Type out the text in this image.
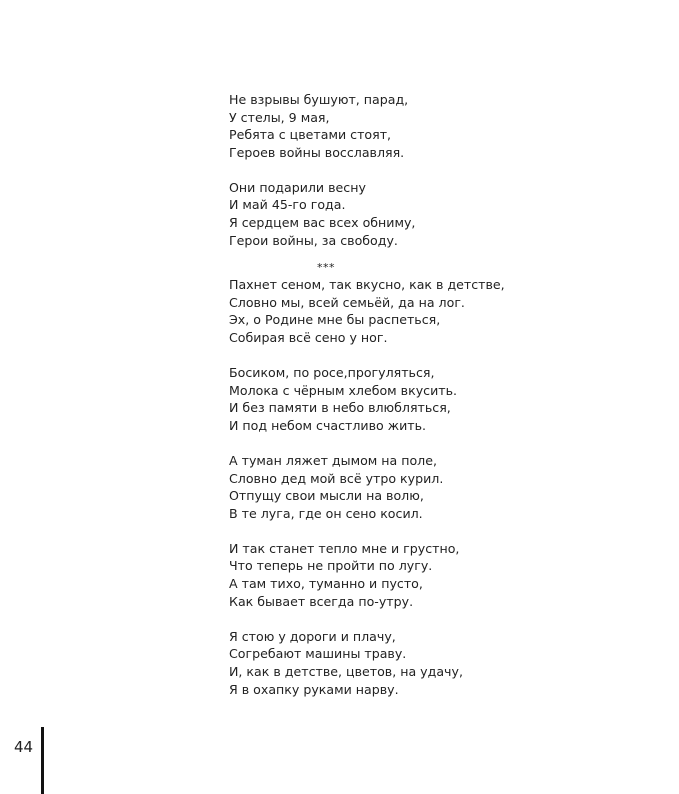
Не взрывы бушуют, парад,
У стелы, 9 мая,
Ребята с цветами стоят,
Героев войны восславляя.
Они подарили весну
И май 45-го года.
Я сердцем вас всех обниму,
Герои войны, за свободу.
***
Пахнет сеном, так вкусно, как в детстве,
Словно мы, всей семьёй, да на лог.
Эх, о Родине мне бы распеться,
Собирая всё сено у ног.
Босиком, по росе,прогуляться,
Молока с чёрным хлебом вкусить.
И без памяти в небо влюбляться,
И под небом счастливо жить.
А туман ляжет дымом на поле,
Словно дед мой всё утро курил.
Отпущу свои мысли на волю,
В те луга, где он сено косил.
И так станет тепло мне и грустно,
Что теперь не пройти по лугу.
А там тихо, туманно и пусто,
Как бывает всегда по-утру.
Я стою у дороги и плачу,
Согребают машины траву.
И, как в детстве, цветов, на удачу,
Я в охапку руками нарву.
44
